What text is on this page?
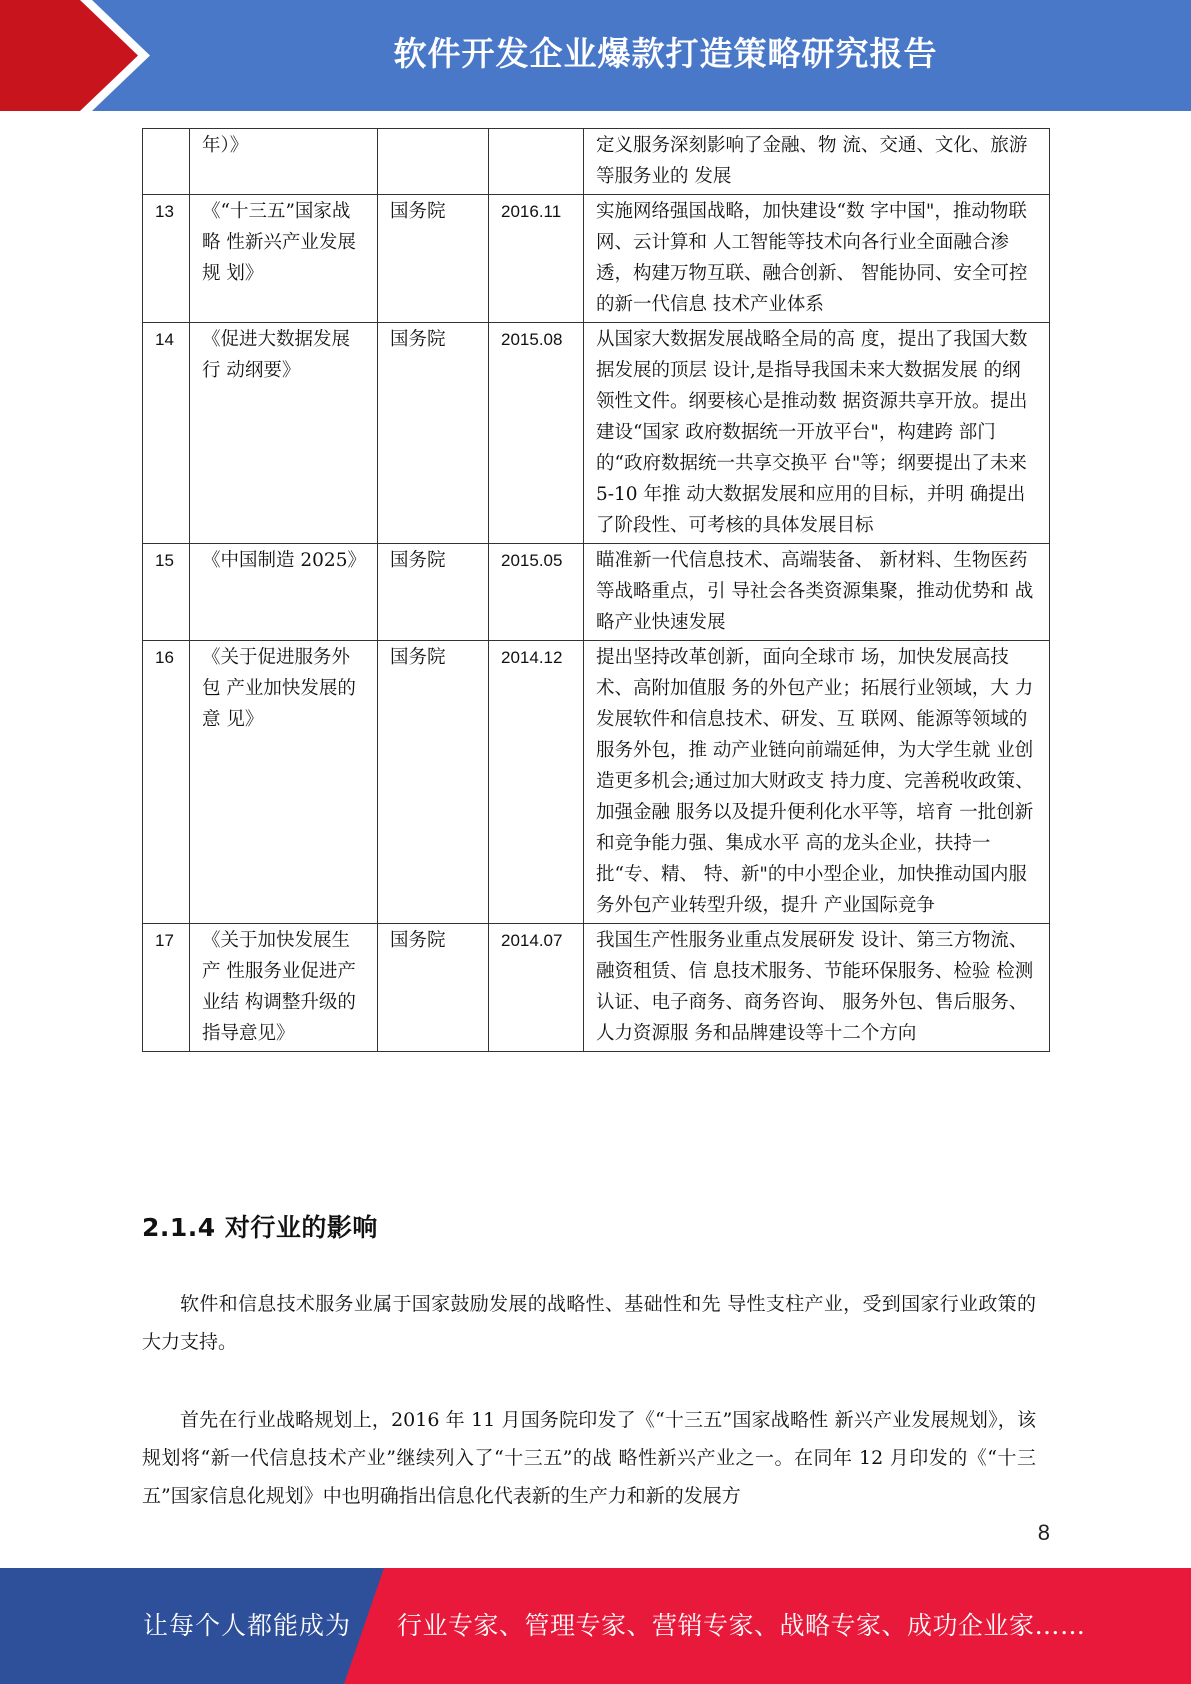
软件开发企业爆款打造策略研究报告
	年）》			定义服务深刻影响了金融、物 流、交通、文化、旅游等服务业的 发展
13	《“十三五”国家战略 性新兴产业发展规 划》	国务院	2016.11	实施网络强国战略，加快建设“数 字中国"，推动物联网、云计算和 人工智能等技术向各行业全面融合渗透，构建万物互联、融合创新、 智能协同、安全可控的新一代信息 技术产业体系
14	《促进大数据发展行 动纲要》	国务院	2015.08	从国家大数据发展战略全局的高 度，提出了我国大数据发展的顶层 设计,是指导我国未来大数据发展 的纲领性文件。纲要核心是推动数 据资源共享开放。提出建设“国家 政府数据统一开放平台"，构建跨 部门的“政府数据统一共享交换平 台"等；纲要提出了未来 5-10 年推 动大数据发展和应用的目标，并明 确提出了阶段性、可考核的具体发展目标
15	《中国制造 2025》	国务院	2015.05	瞄准新一代信息技术、高端装备、 新材料、生物医药等战略重点，引 导社会各类资源集聚，推动优势和 战略产业快速发展
16	《关于促进服务外包 产业加快发展的意 见》	国务院	2014.12	提出坚持改革创新，面向全球市 场，加快发展高技术、高附加值服 务的外包产业；拓展行业领域，大 力发展软件和信息技术、研发、互 联网、能源等领域的服务外包，推 动产业链向前端延伸，为大学生就 业创造更多机会;通过加大财政支 持力度、完善税收政策、加强金融 服务以及提升便利化水平等，培育 一批创新和竞争能力强、集成水平 高的龙头企业，扶持一批“专、精、 特、新"的中小型企业，加快推动国内服务外包产业转型升级，提升 产业国际竞争
17	《关于加快发展生产 性服务业促进产业结 构调整升级的指导意见》	国务院	2014.07	我国生产性服务业重点发展研发 设计、第三方物流、融资租赁、信 息技术服务、节能环保服务、检验 检测认证、电子商务、商务咨询、 服务外包、售后服务、人力资源服 务和品牌建设等十二个方向
2.1.4 对行业的影响
软件和信息技术服务业属于国家鼓励发展的战略性、基础性和先 导性支柱产业，受到国家行业政策的大力支持。
首先在行业战略规划上，2016 年 11 月国务院印发了《“十三五”国家战略性 新兴产业发展规划》，该规划将“新一代信息技术产业”继续列入了“十三五”的战 略性新兴产业之一。在同年 12 月印发的《“十三五”国家信息化规划》中也明确指出信息化代表新的生产力和新的发展方
8
让每个人都能成为 行业专家、管理专家、营销专家、战略专家、成功企业家……
